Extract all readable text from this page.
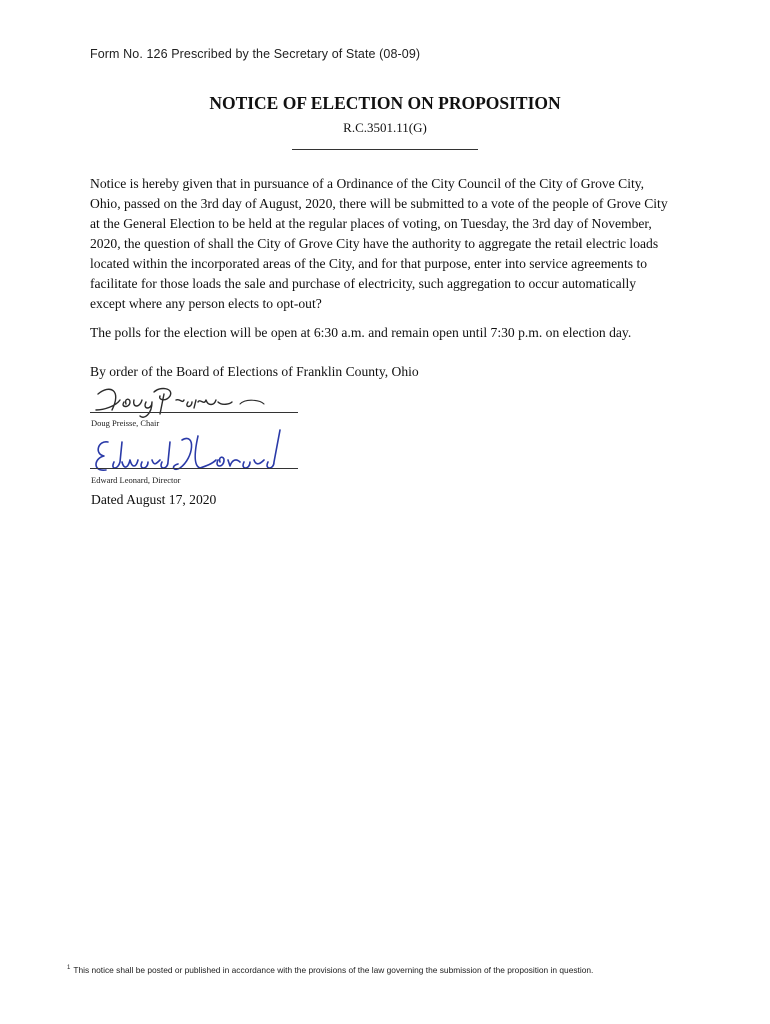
Form No. 126 Prescribed by the Secretary of State (08-09)
NOTICE OF ELECTION ON PROPOSITION
R.C.3501.11(G)
Notice is hereby given that in pursuance of a Ordinance of the City Council of the City of Grove City, Ohio, passed on the 3rd day of August, 2020, there will be submitted to a vote of the people of Grove City at the General Election to be held at the regular places of voting, on Tuesday, the 3rd day of November, 2020, the question of shall the City of Grove City have the authority to aggregate the retail electric loads located within the incorporated areas of the City, and for that purpose, enter into service agreements to facilitate for those loads the sale and purchase of electricity, such aggregation to occur automatically except where any person elects to opt-out?
The polls for the election will be open at 6:30 a.m. and remain open until 7:30 p.m. on election day.
By order of the Board of Elections of Franklin County, Ohio
Doug Preisse, Chair
Edward Leonard, Director
Dated August 17, 2020
$^1$ This notice shall be posted or published in accordance with the provisions of the law governing the submission of the proposition in question.
